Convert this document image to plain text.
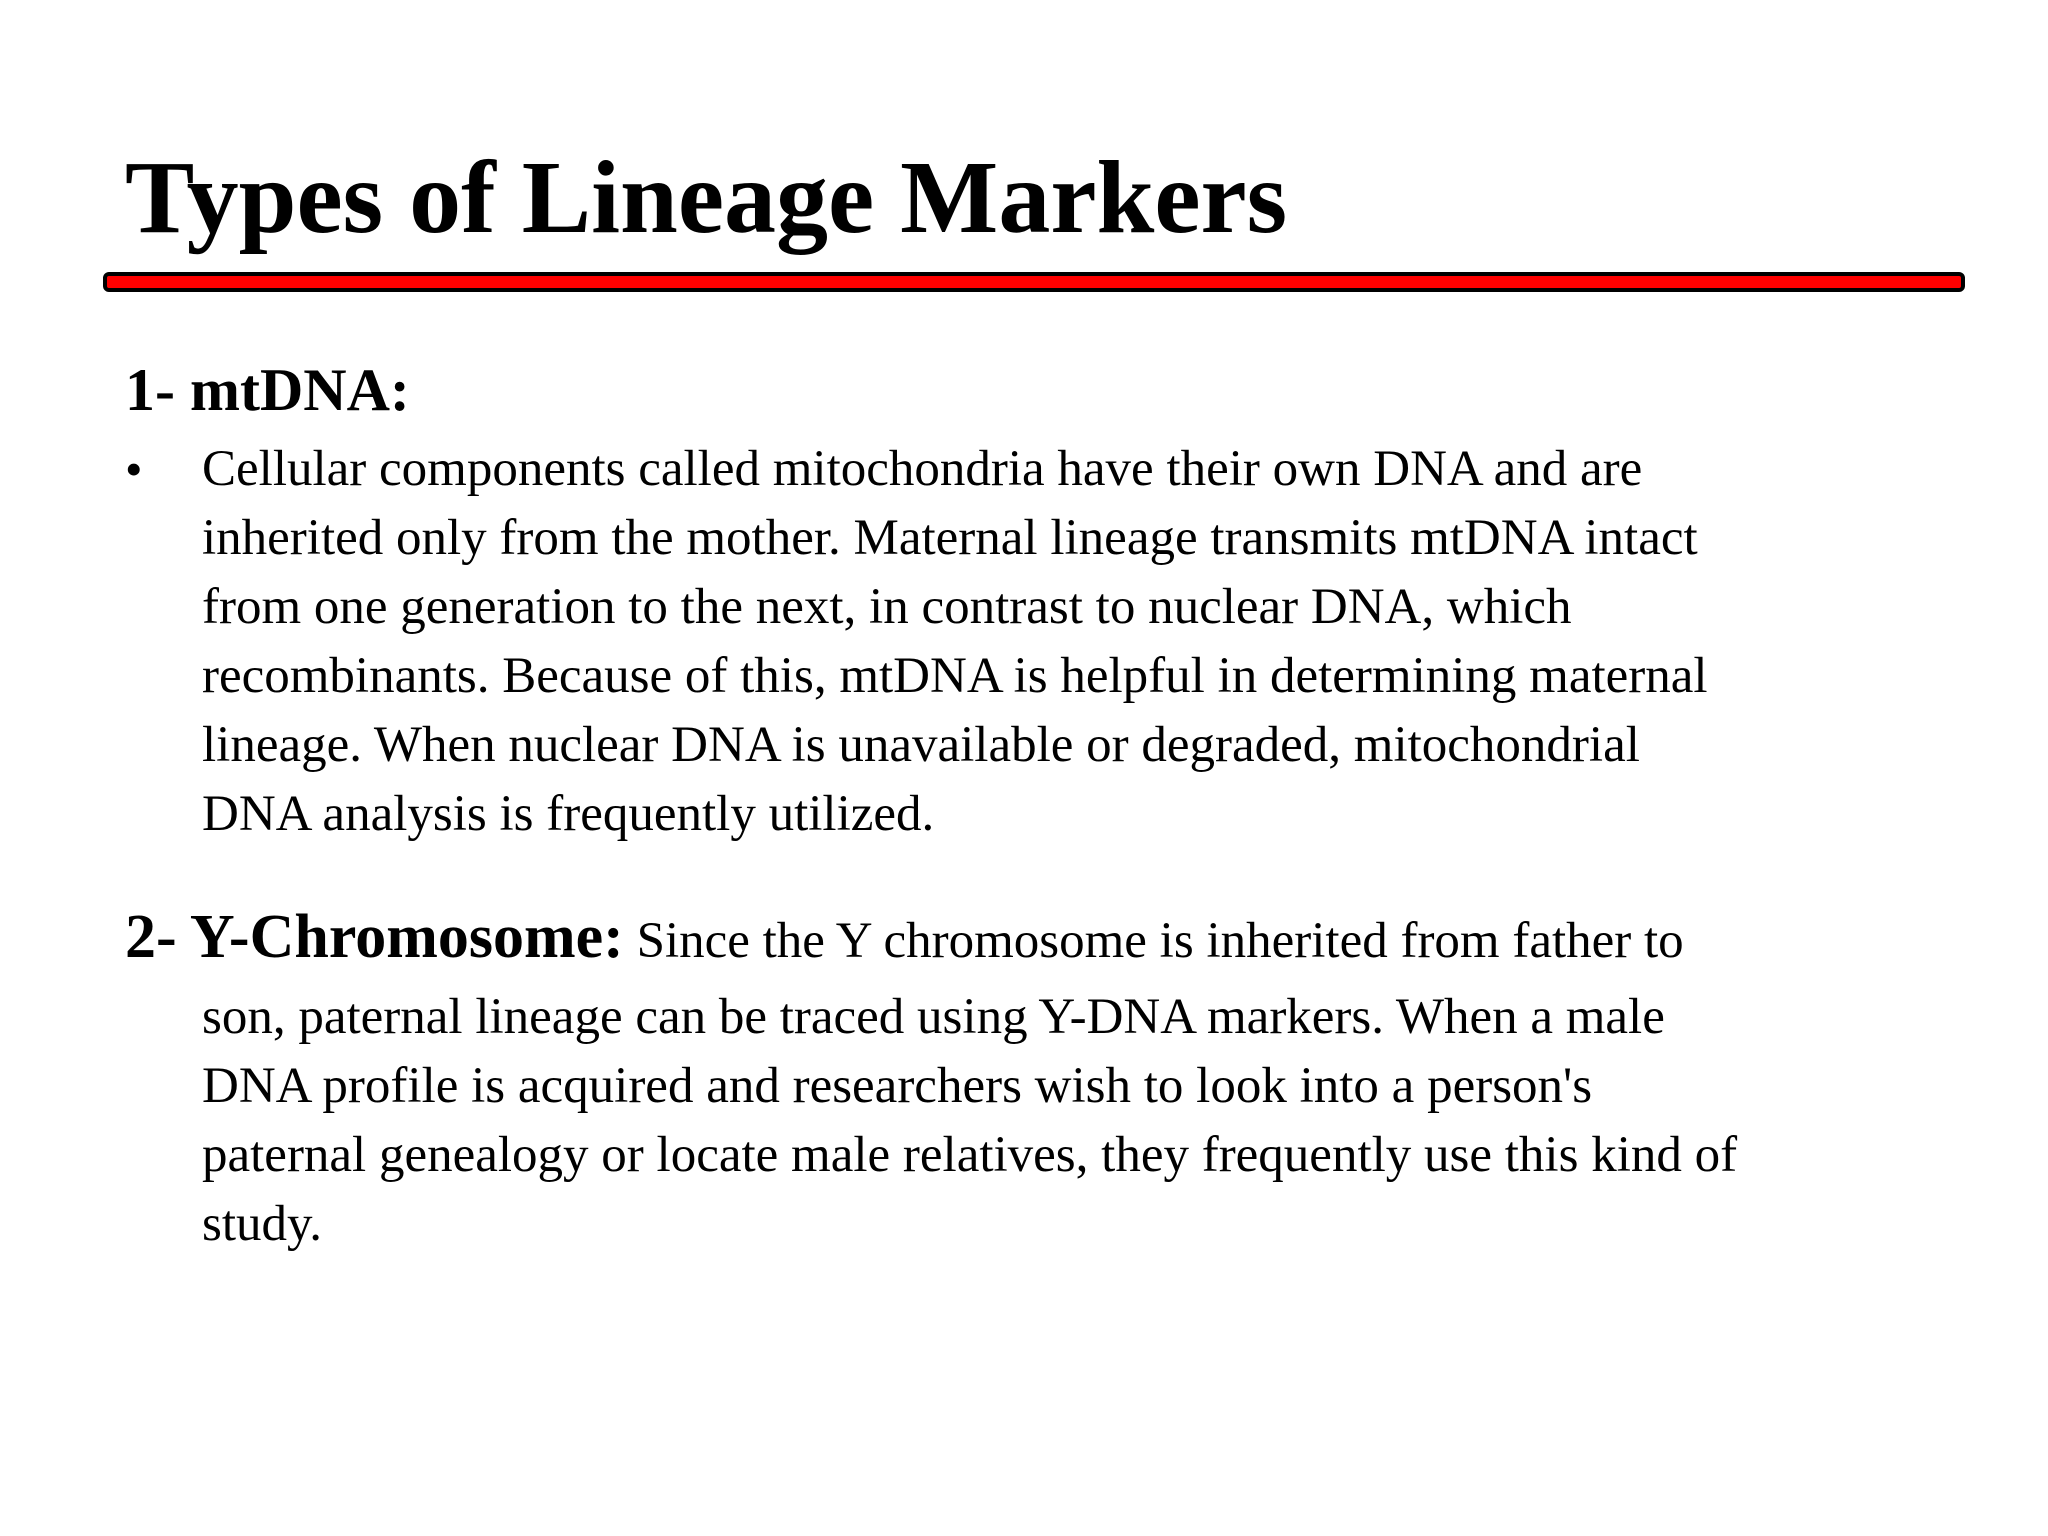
Types of Lineage Markers
1- mtDNA:
• Cellular components called mitochondria have their own DNA and are
inherited only from the mother. Maternal lineage transmits mtDNA intact
from one generation to the next, in contrast to nuclear DNA, which
recombinants. Because of this, mtDNA is helpful in determining maternal
lineage. When nuclear DNA is unavailable or degraded, mitochondrial
DNA analysis is frequently utilized.
2- Y-Chromosome: Since the Y chromosome is inherited from father to
son, paternal lineage can be traced using Y-DNA markers. When a male
DNA profile is acquired and researchers wish to look into a person's
paternal genealogy or locate male relatives, they frequently use this kind of
study.
